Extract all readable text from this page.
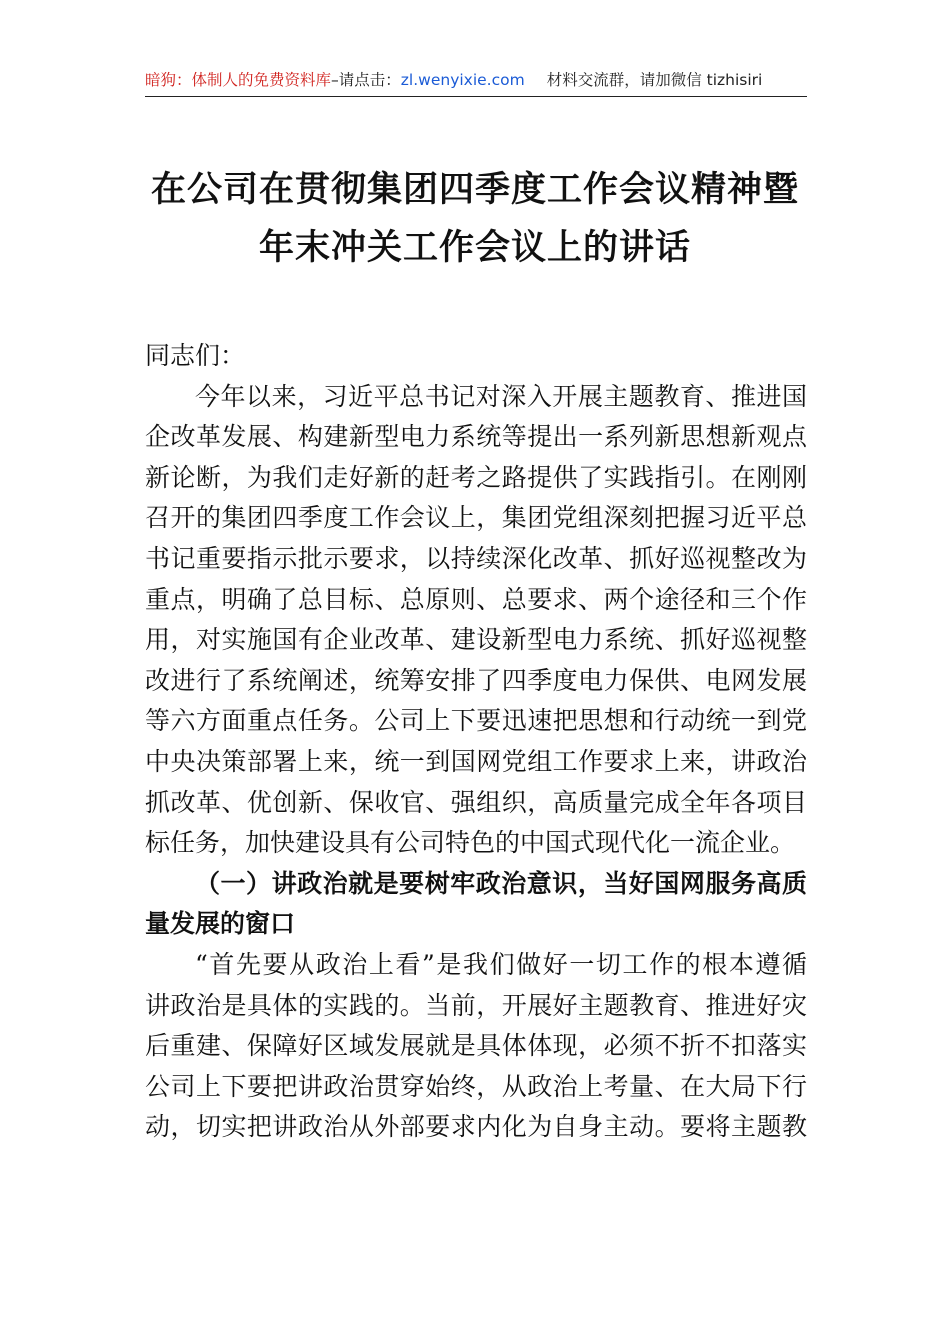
暗狗：体制人的免费资料库–请点击：zl.wenyixie.com 材料交流群，请加微信 tizhisiri
在公司在贯彻集团四季度工作会议精神暨
年末冲关工作会议上的讲话
同志们：
今年以来，习近平总书记对深入开展主题教育、推进国
企改革发展、构建新型电力系统等提出一系列新思想新观点
新论断，为我们走好新的赶考之路提供了实践指引。在刚刚
召开的集团四季度工作会议上，集团党组深刻把握习近平总
书记重要指示批示要求，以持续深化改革、抓好巡视整改为
重点，明确了总目标、总原则、总要求、两个途径和三个作
用，对实施国有企业改革、建设新型电力系统、抓好巡视整
改进行了系统阐述，统筹安排了四季度电力保供、电网发展
等六方面重点任务。公司上下要迅速把思想和行动统一到党
中央决策部署上来，统一到国网党组工作要求上来，讲政治
抓改革、优创新、保收官、强组织，高质量完成全年各项目
标任务，加快建设具有公司特色的中国式现代化一流企业。
（一）讲政治就是要树牢政治意识，当好国网服务高质
量发展的窗口
“首先要从政治上看”是我们做好一切工作的根本遵循
讲政治是具体的实践的。当前，开展好主题教育、推进好灾
后重建、保障好区域发展就是具体体现，必须不折不扣落实
公司上下要把讲政治贯穿始终，从政治上考量、在大局下行
动，切实把讲政治从外部要求内化为自身主动。要将主题教
